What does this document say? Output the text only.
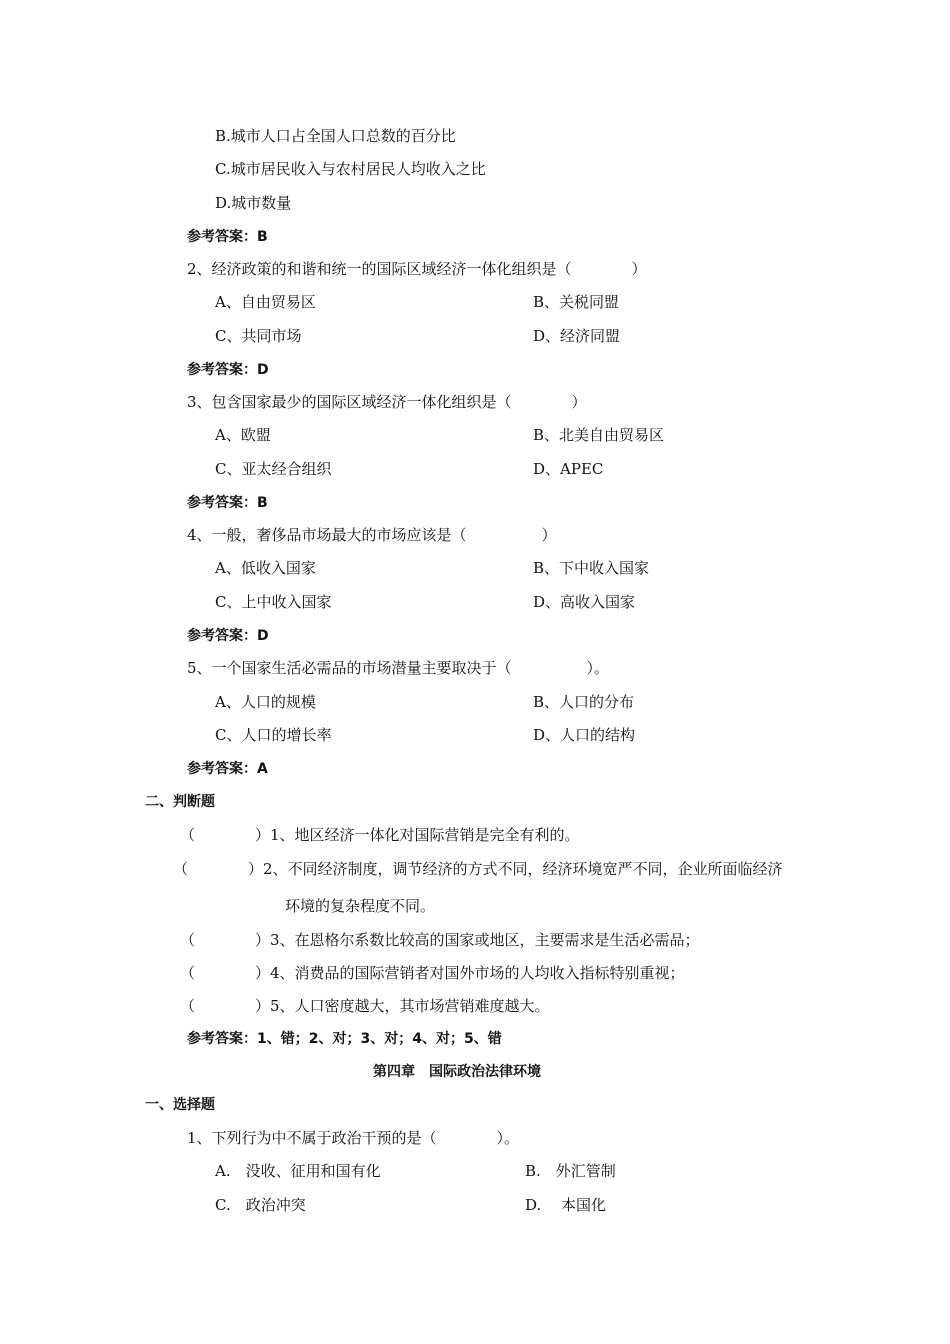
B.城市人口占全国人口总数的百分比
C.城市居民收入与农村居民人均收入之比
D.城市数量
参考答案：B
2、经济政策的和谐和统一的国际区域经济一体化组织是（　　　　）
A、自由贸易区	B、关税同盟
C、共同市场	D、经济同盟
参考答案：D
3、包含国家最少的国际区域经济一体化组织是（　　　　）
A、欧盟	B、北美自由贸易区
C、亚太经合组织	D、APEC
参考答案：B
4、一般，奢侈品市场最大的市场应该是（　　　　　）
A、低收入国家	B、下中收入国家
C、上中收入国家	D、高收入国家
参考答案：D
5、一个国家生活必需品的市场潜量主要取决于（　　　　　）。
A、人口的规模	B、人口的分布
C、人口的增长率	D、人口的结构
参考答案：A
二、判断题
（　　　　）1、地区经济一体化对国际营销是完全有利的。
（　　　　）2、不同经济制度，调节经济的方式不同，经济环境宽严不同，企业所面临经济
环境的复杂程度不同。
（　　　　）3、在恩格尔系数比较高的国家或地区，主要需求是生活必需品；
（　　　　）4、消费品的国际营销者对国外市场的人均收入指标特别重视；
（　　　　）5、人口密度越大，其市场营销难度越大。
参考答案：1、错；2、对；3、对；4、对；5、错
第四章　国际政治法律环境
一、选择题
1、下列行为中不属于政治干预的是（　　　　）。
A.　没收、征用和国有化	B.　外汇管制
C.　政治冲突	D.　 本国化
